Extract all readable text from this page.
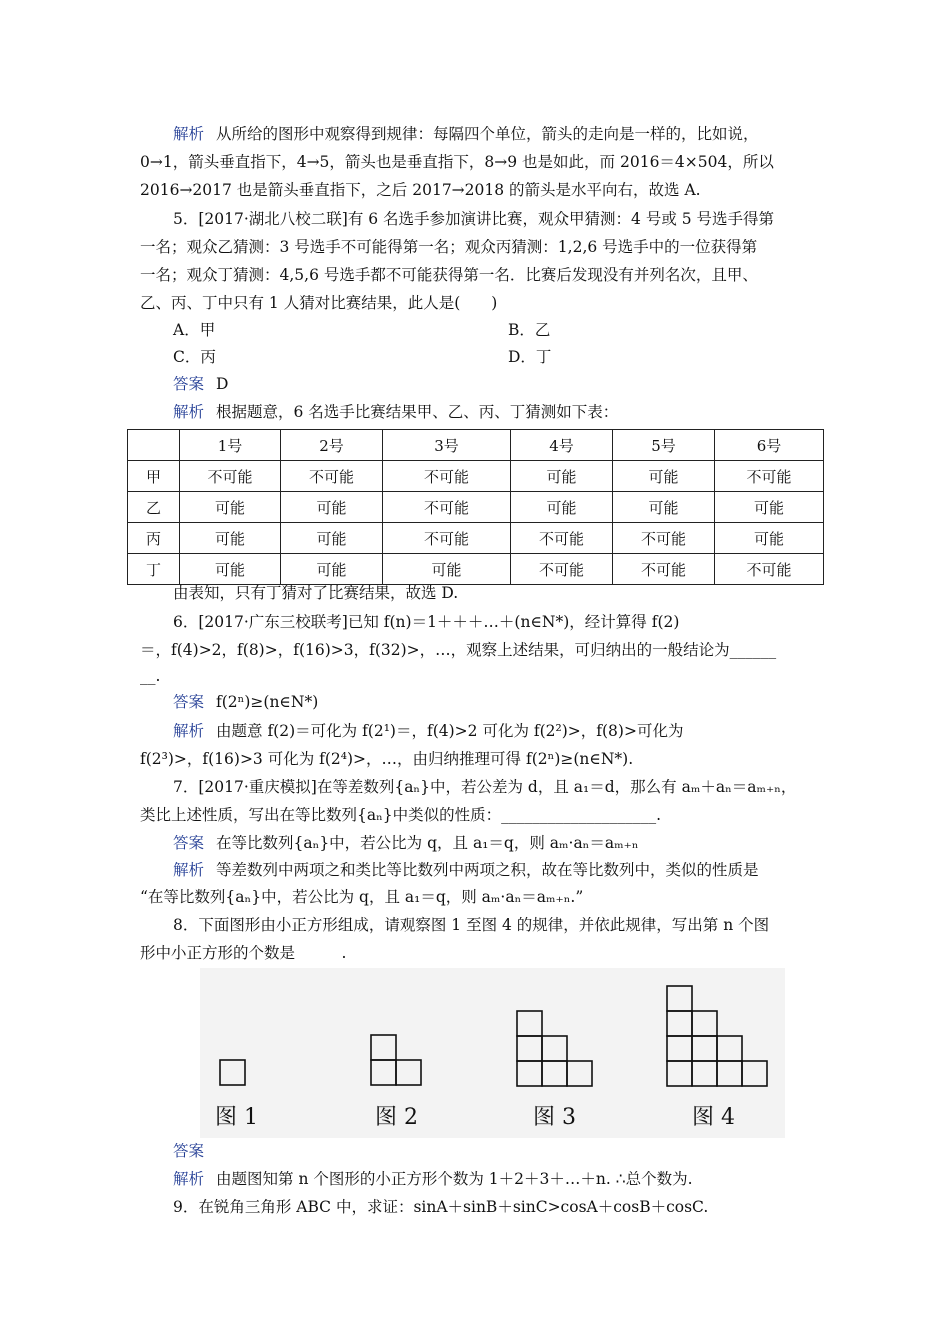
解析 从所给的图形中观察得到规律：每隔四个单位，箭头的走向是一样的，比如说，
0→1，箭头垂直指下，4→5，箭头也是垂直指下，8→9 也是如此，而 2016＝4×504，所以
2016→2017 也是箭头垂直指下，之后 2017→2018 的箭头是水平向右，故选 A.
5．[2017·湖北八校二联]有 6 名选手参加演讲比赛，观众甲猜测：4 号或 5 号选手得第
一名；观众乙猜测：3 号选手不可能得第一名；观众丙猜测：1,2,6 号选手中的一位获得第
一名；观众丁猜测：4,5,6 号选手都不可能获得第一名．比赛后发现没有并列名次，且甲、
乙、丙、丁中只有 1 人猜对比赛结果，此人是(　　)
A．甲	B．乙
C．丙	D．丁
答案 D
解析 根据题意，6 名选手比赛结果甲、乙、丙、丁猜测如下表：
	1号	2号	3号	4号	5号	6号
甲	不可能	不可能	不可能	可能	可能	不可能
乙	可能	可能	不可能	可能	可能	可能
丙	可能	可能	不可能	不可能	不可能	可能
丁	可能	可能	可能	不可能	不可能	不可能
由表知，只有丁猜对了比赛结果，故选 D.
6．[2017·广东三校联考]已知 f(n)＝1＋＋＋…＋(n∈N*)，经计算得 f(2)
＝，f(4)>2，f(8)>，f(16)>3，f(32)>，…，观察上述结果，可归纳出的一般结论为______
__.
答案 f(2ⁿ)≥(n∈N*)
解析 由题意 f(2)＝可化为 f(2¹)＝，f(4)>2 可化为 f(2²)>，f(8)>可化为
f(2³)>，f(16)>3 可化为 f(2⁴)>，…，由归纳推理可得 f(2ⁿ)≥(n∈N*).
7．[2017·重庆模拟]在等差数列{aₙ}中，若公差为 d，且 a₁＝d，那么有 aₘ＋aₙ＝aₘ₊ₙ，
类比上述性质，写出在等比数列{aₙ}中类似的性质：____________________.
答案 在等比数列{aₙ}中，若公比为 q，且 a₁＝q，则 aₘ·aₙ＝aₘ₊ₙ
解析 等差数列中两项之和类比等比数列中两项之积，故在等比数列中，类似的性质是
“在等比数列{aₙ}中，若公比为 q，且 a₁＝q，则 aₘ·aₙ＝aₘ₊ₙ.”
8．下面图形由小正方形组成，请观察图 1 至图 4 的规律，并依此规律，写出第 n 个图
形中小正方形的个数是　　　.
图 1	图 2	图 3	图 4
答案
解析 由题图知第 n 个图形的小正方形个数为 1＋2＋3＋…＋n. ∴总个数为.
9．在锐角三角形 ABC 中，求证：sinA＋sinB＋sinC>cosA＋cosB＋cosC.
